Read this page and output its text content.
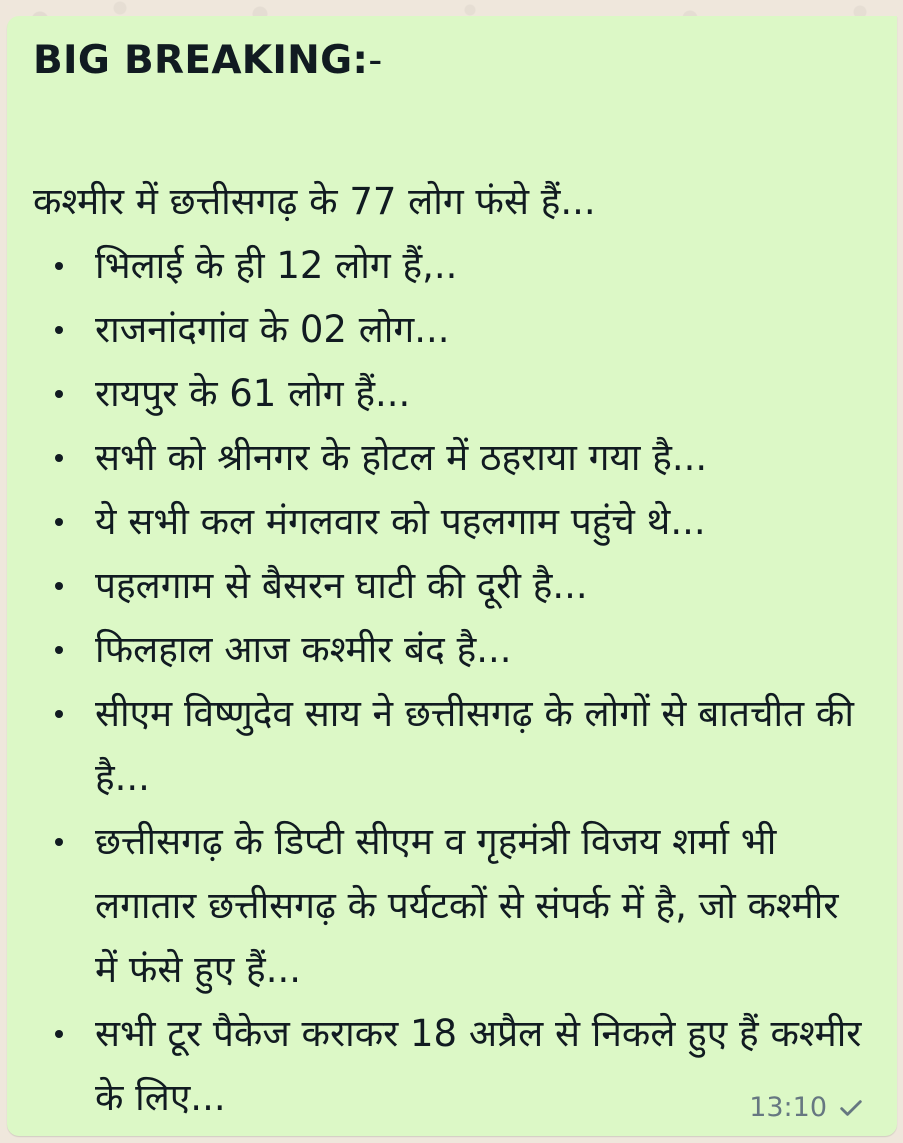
BIG BREAKING:-

कश्मीर में छत्तीसगढ़ के 77 लोग फंसे हैं...

भिलाई के ही 12 लोग हैं,..
राजनांदगांव के 02 लोग...
रायपुर के 61 लोग हैं...
सभी को श्रीनगर के होटल में ठहराया गया है...
ये सभी कल मंगलवार को पहलगाम पहुंचे थे...
पहलगाम से बैसरन घाटी की दूरी है...
फिलहाल आज कश्मीर बंद है...
सीएम विष्णुदेव साय ने छत्तीसगढ़ के लोगों से बातचीत की है...
छत्तीसगढ़ के डिप्टी सीएम व गृहमंत्री विजय शर्मा भी लगातार छत्तीसगढ़ के पर्यटकों से संपर्क में है, जो कश्मीर में फंसे हुए हैं...
सभी टूर पैकेज कराकर 18 अप्रैल से निकले हुए हैं कश्मीर के लिए...	13:10
